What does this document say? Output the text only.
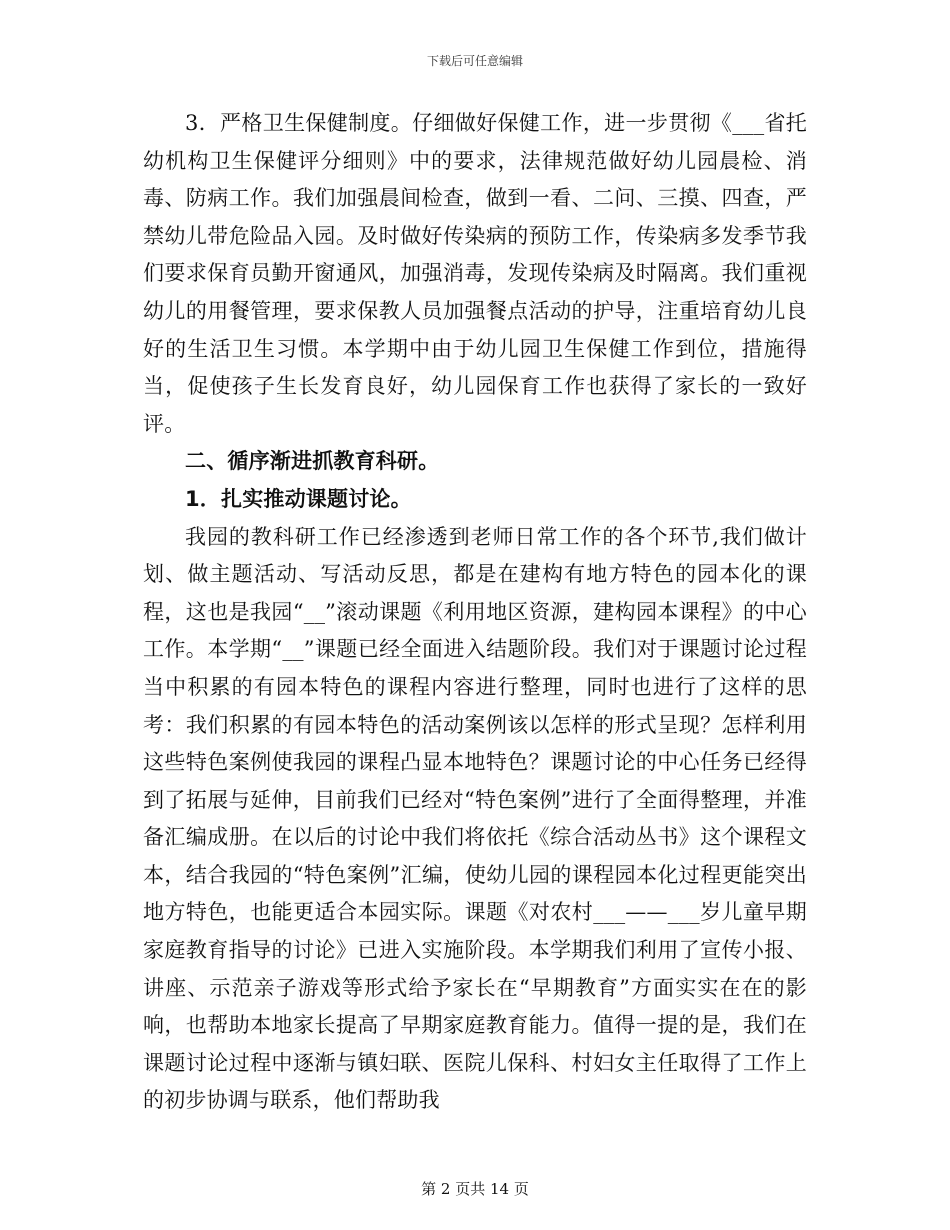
下载后可任意编辑

3．严格卫生保健制度。仔细做好保健工作，进一步贯彻《___省托幼机构卫生保健评分细则》中的要求，法律规范做好幼儿园晨检、消毒、防病工作。我们加强晨间检查，做到一看、二问、三摸、四查，严禁幼儿带危险品入园。及时做好传染病的预防工作，传染病多发季节我们要求保育员勤开窗通风，加强消毒，发现传染病及时隔离。我们重视幼儿的用餐管理，要求保教人员加强餐点活动的护导，注重培育幼儿良好的生活卫生习惯。本学期中由于幼儿园卫生保健工作到位，措施得当，促使孩子生长发育良好，幼儿园保育工作也获得了家长的一致好评。

二、循序渐进抓教育科研。

1．扎实推动课题讨论。

我园的教科研工作已经渗透到老师日常工作的各个环节,我们做计划、做主题活动、写活动反思，都是在建构有地方特色的园本化的课程，这也是我园“__”滚动课题《利用地区资源，建构园本课程》的中心工作。本学期“__”课题已经全面进入结题阶段。我们对于课题讨论过程当中积累的有园本特色的课程内容进行整理，同时也进行了这样的思考：我们积累的有园本特色的活动案例该以怎样的形式呈现？怎样利用这些特色案例使我园的课程凸显本地特色？课题讨论的中心任务已经得到了拓展与延伸，目前我们已经对“特色案例”进行了全面得整理，并准备汇编成册。在以后的讨论中我们将依托《综合活动丛书》这个课程文本，结合我园的“特色案例”汇编，使幼儿园的课程园本化过程更能突出地方特色，也能更适合本园实际。课题《对农村___——___岁儿童早期家庭教育指导的讨论》已进入实施阶段。本学期我们利用了宣传小报、讲座、示范亲子游戏等形式给予家长在“早期教育”方面实实在在的影响，也帮助本地家长提高了早期家庭教育能力。值得一提的是，我们在课题讨论过程中逐渐与镇妇联、医院儿保科、村妇女主任取得了工作上的初步协调与联系，他们帮助我

第 2 页共 14 页
